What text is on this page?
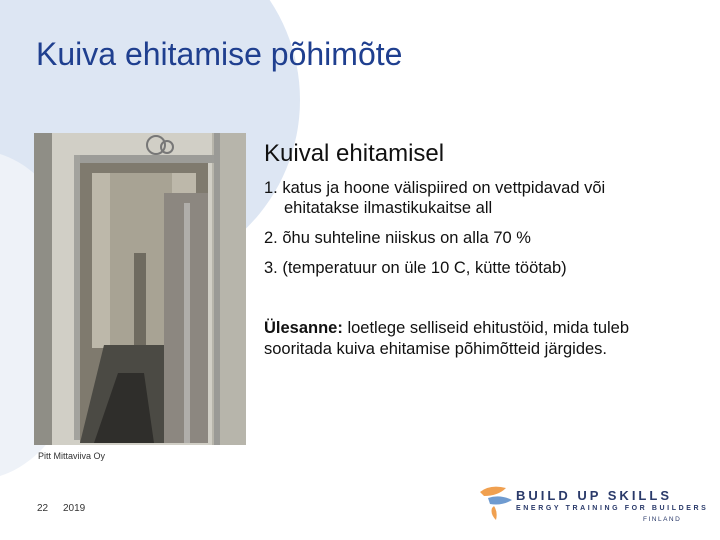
Kuiva ehitamise põhimõte
Pitt Mittaviiva Oy
Kuival ehitamisel
1. katus ja hoone välispiired on vettpidavad või
ehitatakse ilmastikukaitse all
2. õhu suhteline niiskus on alla 70 %
3. (temperatuur on üle 10 C, kütte töötab)
Ülesanne: loetlege selliseid ehitustöid, mida tuleb sooritada kuiva ehitamise põhimõtteid järgides.
22 2019
BUILD UP SKILLS
ENERGY TRAINING FOR BUILDERS
FINLAND
